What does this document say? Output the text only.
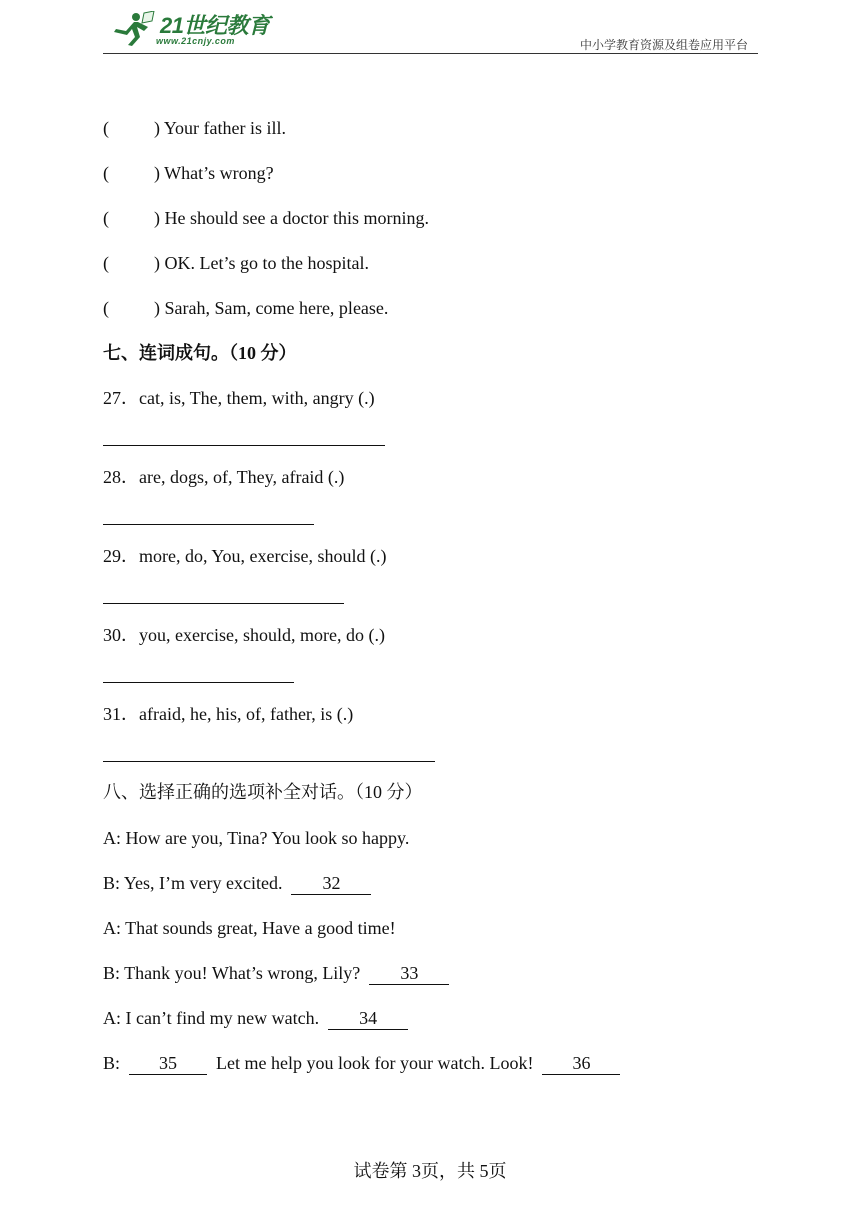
21世纪教育
www.21cnjy.com	中小学教育资源及组卷应用平台
(          ) Your father is ill.
(          ) What’s wrong?
(          ) He should see a doctor this morning.
(          ) OK. Let’s go to the hospital.
(          ) Sarah, Sam, come here, please.
七、连词成句。（10 分）
27．cat, is, The, them, with, angry (.)
28．are, dogs, of, They, afraid (.)
29．more, do, You, exercise, should (.)
30．you, exercise, should, more, do (.)
31．afraid, he, his, of, father, is (.)
八、选择正确的选项补全对话。（10 分）
A: How are you, Tina? You look so happy.
B: Yes, I’m very excited. 32
A: That sounds great, Have a good time!
B: Thank you! What’s wrong, Lily? 33
A: I can’t find my new watch. 34
B: 35 Let me help you look for your watch. Look! 36
试卷第 3页，共 5页
